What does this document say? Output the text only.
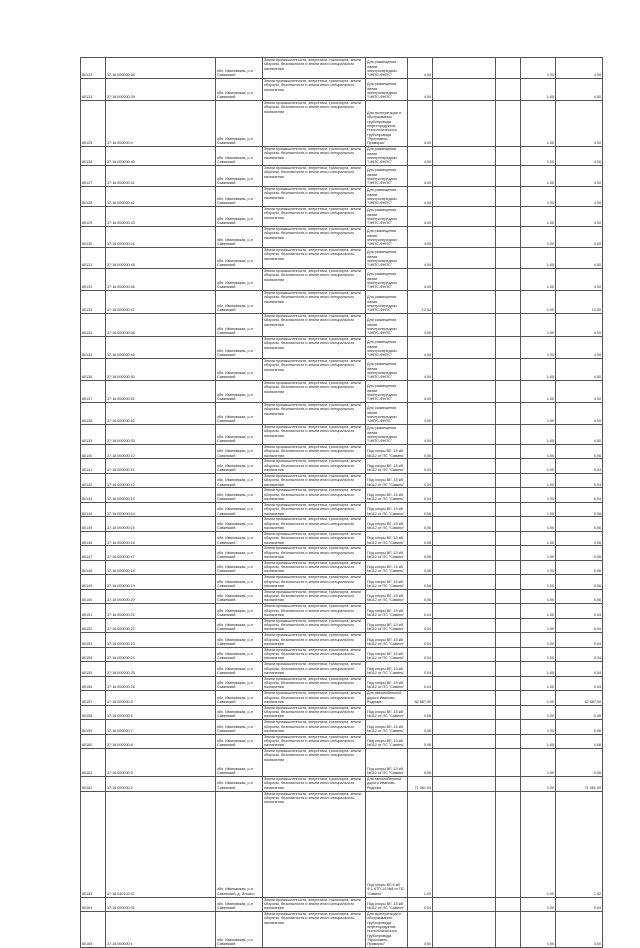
80123	37:16:000000:38	обл. Ивановская, р-н Савинский	Земли промышленности, энергетики, транспорта, земли обороны, безопасности и земли иного специального назначения	Для размещения линии электропередачи "ЧНПС-ФНПС"	4,00			1,00	4,00
80124	37:16:000000:39	обл. Ивановская, р-н Савинский	Земли промышленности, энергетики, транспорта, земли обороны, безопасности и земли иного специального назначения	Для размещения линии электропередачи "ЧНПС-ФНПС"	4,00			1,00	4,00
80125	37:16:000000:4	обл. Ивановская, р-н Савинский	Земли промышленности, энергетики, транспорта, земли обороны, безопасности и земли иного специального назначения	Для эксплуатации и обслуживания трубопровода нефтепродуктов, технологического трубопровода "Ярославль-Приморск"	4,00			1,00	4,00
80126	37:16:000000:40	обл. Ивановская, р-н Савинский	Земли промышленности, энергетики, транспорта, земли обороны, безопасности и земли иного специального назначения	Для размещения линии электропередачи "ЧНПС-ФНПС"	4,00			1,00	4,00
80127	37:16:000000:41	обл. Ивановская, р-н Савинский	Земли промышленности, энергетики, транспорта, земли обороны, безопасности и земли иного специального назначения	Для размещения линии электропередачи "ЧНПС-ФНПС"	4,00			1,00	4,00
80128	37:16:000000:42	обл. Ивановская, р-н Савинский	Земли промышленности, энергетики, транспорта, земли обороны, безопасности и земли иного специального назначения	Для размещения линии электропередачи "ЧНПС-ФНПС"	4,00			1,00	4,00
80129	37:16:000000:43	обл. Ивановская, р-н Савинский	Земли промышленности, энергетики, транспорта, земли обороны, безопасности и земли иного специального назначения	Для размещения линии электропередачи "ЧНПС-ФНПС"	4,00			1,00	4,00
80130	37:16:000000:44	обл. Ивановская, р-н Савинский	Земли промышленности, энергетики, транспорта, земли обороны, безопасности и земли иного специального назначения	Для размещения линии электропередачи "ЧНПС-ФНПС"	4,00			1,00	4,00
80131	37:16:000000:45	обл. Ивановская, р-н Савинский	Земли промышленности, энергетики, транспорта, земли обороны, безопасности и земли иного специального назначения	Для размещения линии электропередачи "ЧНПС-ФНПС"	4,00			1,00	4,00
80132	37:16:000000:46	обл. Ивановская, р-н Савинский	Земли промышленности, энергетики, транспорта, земли обороны, безопасности и земли иного специального назначения	Для размещения линии электропередачи "ЧНПС-ФНПС"	4,00			1,00	4,00
80133	37:16:000000:47	обл. Ивановская, р-н Савинский	Земли промышленности, энергетики, транспорта, земли обороны, безопасности и земли иного специального назначения	Для размещения линии электропередачи "ЧНПС-ФНПС"	12,00			1,00	12,00
80134	37:16:000000:48	обл. Ивановская, р-н Савинский	Земли промышленности, энергетики, транспорта, земли обороны, безопасности и земли иного специального назначения	Для размещения линии электропередачи "ЧНПС-ФНПС"	4,00			1,00	4,00
80135	37:16:000000:49	обл. Ивановская, р-н Савинский	Земли промышленности, энергетики, транспорта, земли обороны, безопасности и земли иного специального назначения	Для размещения линии электропередачи "ЧНПС-ФНПС"	4,00			1,00	4,00
80136	37:16:000000:50	обл. Ивановская, р-н Савинский	Земли промышленности, энергетики, транспорта, земли обороны, безопасности и земли иного специального назначения	Для размещения линии электропередачи "ЧНПС-ФНПС"	4,00			1,00	4,00
80137	37:16:000000:51	обл. Ивановская, р-н Савинский	Земли промышленности, энергетики, транспорта, земли обороны, безопасности и земли иного специального назначения	Для размещения линии электропередачи "ЧНПС-ФНПС"	4,00			1,00	4,00
80138	37:16:000000:52	обл. Ивановская, р-н Савинский	Земли промышленности, энергетики, транспорта, земли обороны, безопасности и земли иного специального назначения	Для размещения линии электропередачи "ЧНПС-ФНПС"	4,00			1,00	4,00
80139	37:16:000000:53	обл. Ивановская, р-н Савинский	Земли промышленности, энергетики, транспорта, земли обороны, безопасности и земли иного специального назначения	Для размещения линии электропередачи "ЧНПС-ФНПС"	4,00			1,00	4,00
80140	37:16:000000:10	обл. Ивановская, р-н Савинский	Земли промышленности, энергетики, транспорта, земли обороны, безопасности и земли иного специального назначения	Под опоры ВЛ -10 кВ №112 от ПС "Савино"	0,06			1,00	0,06
80141	37:16:000000:11	обл. Ивановская, р-н Савинский	Земли промышленности, энергетики, транспорта, земли обороны, безопасности и земли иного специального назначения	Под опоры ВЛ -10 кВ №112 от ПС "Савино"	0,04			1,00	0,04
80142	37:16:000000:12	обл. Ивановская, р-н Савинский	Земли промышленности, энергетики, транспорта, земли обороны, безопасности и земли иного специального назначения	Под опоры ВЛ -10 кВ №112 от ПС "Савино"	0,04			1,00	0,04
80143	37:16:000000:13	обл. Ивановская, р-н Савинский	Земли промышленности, энергетики, транспорта, земли обороны, безопасности и земли иного специального назначения	Под опоры ВЛ -10 кВ №112 от ПС "Савино"	0,04			1,00	0,04
80144	37:16:000000:14	обл. Ивановская, р-н Савинский	Земли промышленности, энергетики, транспорта, земли обороны, безопасности и земли иного специального назначения	Под опоры ВЛ -10 кВ №112 от ПС "Савино"	0,06			1,00	0,06
80145	37:16:000000:15	обл. Ивановская, р-н Савинский	Земли промышленности, энергетики, транспорта, земли обороны, безопасности и земли иного специального назначения	Под опоры ВЛ -10 кВ №112 от ПС "Савино"	0,06			1,00	0,06
80146	37:16:000000:16	обл. Ивановская, р-н Савинский	Земли промышленности, энергетики, транспорта, земли обороны, безопасности и земли иного специального назначения	Под опоры ВЛ -10 кВ №112 от ПС "Савино"	0,06			1,00	0,06
80147	37:16:000000:17	обл. Ивановская, р-н Савинский	Земли промышленности, энергетики, транспорта, земли обороны, безопасности и земли иного специального назначения	Под опоры ВЛ -10 кВ №112 от ПС "Савино"	0,06			1,00	0,06
80148	37:16:000000:18	обл. Ивановская, р-н Савинский	Земли промышленности, энергетики, транспорта, земли обороны, безопасности и земли иного специального назначения	Под опоры ВЛ -10 кВ №112 от ПС "Савино"	0,06			1,00	0,06
80149	37:16:000000:19	обл. Ивановская, р-н Савинский	Земли промышленности, энергетики, транспорта, земли обороны, безопасности и земли иного специального назначения	Под опоры ВЛ -10 кВ №112 от ПС "Савино"	0,06			1,00	0,06
80150	37:16:000000:20	обл. Ивановская, р-н Савинский	Земли промышленности, энергетики, транспорта, земли обороны, безопасности и земли иного специального назначения	Под опоры ВЛ -10 кВ №112 от ПС "Савино"	0,06			1,00	0,06
80151	37:16:000000:21	обл. Ивановская, р-н Савинский	Земли промышленности, энергетики, транспорта, земли обороны, безопасности и земли иного специального назначения	Под опоры ВЛ -10 кВ №112 от ПС "Савино"	0,04			1,00	0,04
80152	37:16:000000:22	обл. Ивановская, р-н Савинский	Земли промышленности, энергетики, транспорта, земли обороны, безопасности и земли иного специального назначения	Под опоры ВЛ -10 кВ №112 от ПС "Савино"	0,04			1,00	0,04
80153	37:16:000000:23	обл. Ивановская, р-н Савинский	Земли промышленности, энергетики, транспорта, земли обороны, безопасности и земли иного специального назначения	Под опоры ВЛ -10 кВ №112 от ПС "Савино"	0,04			1,00	0,04
80154	37:16:000000:24	обл. Ивановская, р-н Савинский	Земли промышленности, энергетики, транспорта, земли обороны, безопасности и земли иного специального назначения	Под опоры ВЛ -10 кВ №112 от ПС "Савино"	0,04			1,00	0,04
80155	37:16:000000:25	обл. Ивановская, р-н Савинский	Земли промышленности, энергетики, транспорта, земли обороны, безопасности и земли иного специального назначения	Под опоры ВЛ -10 кВ №112 от ПС "Савино"	0,04			1,00	0,04
80156	37:16:000000:26	обл. Ивановская, р-н Савинский	Земли промышленности, энергетики, транспорта, земли обороны, безопасности и земли иного специального назначения	Под опоры ВЛ -10 кВ №112 от ПС "Савино"	0,04			1,00	0,04
80157	37:16:000000:5	обл. Ивановская, р-н Савинский	Земли промышленности, энергетики, транспорта, земли обороны, безопасности и земли иного специального назначения	Для автомобильной дороги Иваново-Родники	82 687,00			1,00	82 687,00
80158	37:16:000000:6	обл. Ивановская, р-н Савинский	Земли промышленности, энергетики, транспорта, земли обороны, безопасности и земли иного специального назначения	Под опоры ВЛ -10 кВ №112 от ПС "Савино"	0,06			1,00	0,06
80159	37:16:000000:7	обл. Ивановская, р-н Савинский	Земли промышленности, энергетики, транспорта, земли обороны, безопасности и земли иного специального назначения	Под опоры ВЛ -10 кВ №112 от ПС "Савино"	0,06			1,00	0,06
80160	37:16:000000:8	обл. Ивановская, р-н Савинский	Земли промышленности, энергетики, транспорта, земли обороны, безопасности и земли иного специального назначения	Под опоры ВЛ -10 кВ №112 от ПС "Савино"	0,06			1,00	0,06
80161	37:16:000000:9	обл. Ивановская, р-н Савинский	Земли промышленности, энергетики, транспорта, земли обороны, безопасности и земли иного специального назначения	Под опоры ВЛ -10 кВ №112 от ПС "Савино"	0,06			1,00	0,06
80162	37:16:000000:2	обл. Ивановская, р-н Савинский	Земли промышленности, энергетики, транспорта, земли обороны, безопасности и земли иного специального назначения	Для автомобильной дороги Иваново-Родники	71 081,00			1,00	71 081,00
80163	37:16:040102:47	обл. Ивановская, р-н Савинский, д. Ильино	Земли промышленности, энергетики, транспорта, земли обороны, безопасности и земли иного специального назначения	Под опоры ВЛ-6 кВ Ф.1 КТП-10 №8 от ПС "Савино"	1,00			1,00	1,02
80164	37:16:000000:31	обл. Ивановская, р-н Савинский	Земли промышленности, энергетики, транспорта, земли обороны, безопасности и земли иного специального назначения	Под опоры ВЛ -10 кВ №112 от ПС "Савино"	0,04			1,00	0,04
80165	37:16:000000:1	обл. Ивановская, р-н Савинский	Земли промышленности, энергетики, транспорта, земли обороны, безопасности и земли иного специального назначения	Для эксплуатации и обслуживания трубопровода нефтепродуктов, технологического трубопровода "Ярославль-Приморск"	4,00			1,00	4,00
